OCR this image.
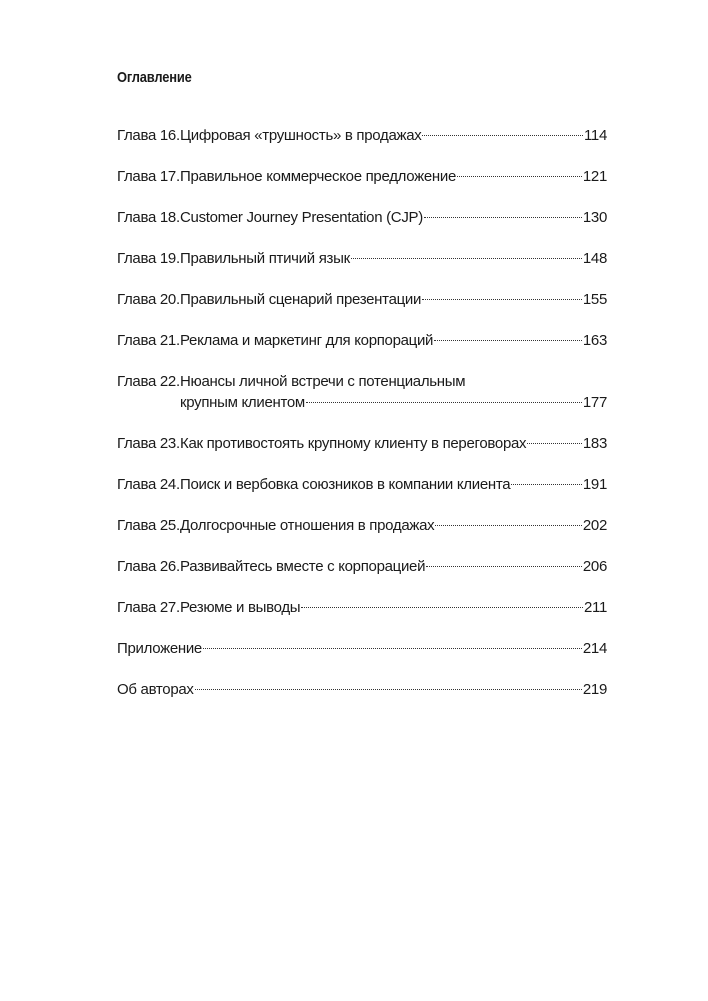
Оглавление
Глава 16.Цифровая «трушность» в продажах	114
Глава 17.Правильное коммерческое предложение	121
Глава 18.Customer Journey Presentation (CJP)	130
Глава 19.Правильный птичий язык	148
Глава 20.Правильный сценарий презентации	155
Глава 21.Реклама и маркетинг для корпораций	163
Глава 22.Нюансы личной встречи с потенциальным
крупным клиентом	177
Глава 23.Как противостоять крупному клиенту в переговорах	183
Глава 24.Поиск и вербовка союзников в компании клиента	191
Глава 25.Долгосрочные отношения в продажах	202
Глава 26.Развивайтесь вместе с корпорацией	206
Глава 27.Резюме и выводы	211
Приложение	214
Об авторах	219
